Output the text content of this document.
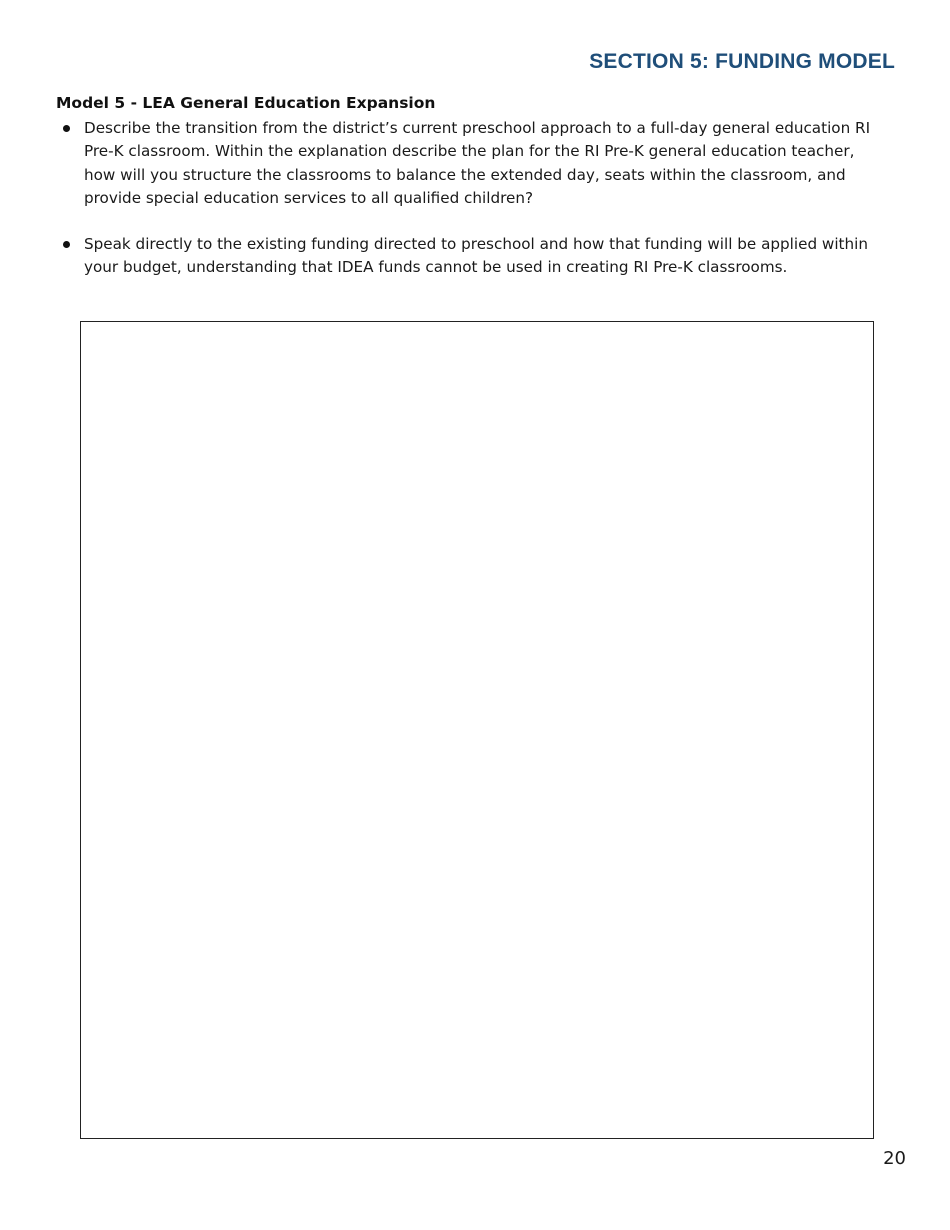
SECTION 5: FUNDING MODEL
Model 5 - LEA General Education Expansion
Describe the transition from the district’s current preschool approach to a full-day general education RI Pre-K classroom. Within the explanation describe the plan for the RI Pre-K general education teacher, how will you structure the classrooms to balance the extended day, seats within the classroom, and provide special education services to all qualified children?
Speak directly to the existing funding directed to preschool and how that funding will be applied within your budget, understanding that IDEA funds cannot be used in creating RI Pre-K classrooms.
20
